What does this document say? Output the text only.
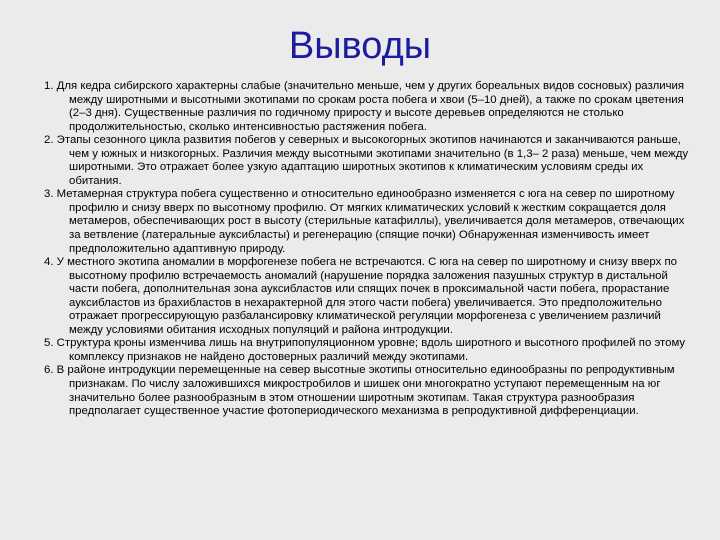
Выводы
1. Для кедра сибирского характерны слабые (значительно меньше, чем у других бореальных видов сосновых) различия между широтными и высотными экотипами по срокам роста побега и хвои (5–10 дней), а также по срокам цветения (2–3 дня). Существенные различия по годичному приросту и высоте деревьев определяются не столько продолжительностью, сколько интенсивностью растяжения побега.
2. Этапы сезонного цикла развития побегов у северных и высокогорных экотипов начинаются и заканчиваются раньше, чем у южных и низкогорных. Различия между высотными экотипами значительно (в 1,3– 2 раза) меньше, чем между широтными. Это отражает более узкую адаптацию широтных экотипов к климатическим условиям среды их обитания.
3. Метамерная структура побега существенно и относительно единообразно изменяется с юга на север по широтному профилю и снизу вверх по высотному профилю. От мягких климатических условий к жестким сокращается доля метамеров, обеспечивающих рост в высоту (стерильные катафиллы), увеличивается доля метамеров, отвечающих за ветвление (латеральные ауксибласты) и регенерацию (спящие почки) Обнаруженная изменчивость имеет предположительно адаптивную природу.
4. У местного экотипа аномалии в морфогенезе побега не встречаются. С юга на север по широтному и снизу вверх по высотному профилю встречаемость аномалий (нарушение порядка заложения пазушных структур в дистальной части побега, дополнительная зона ауксибластов или спящих почек в проксимальной части побега, прорастание ауксибластов из брахибластов в нехарактерной для этого части побега) увеличивается. Это предположительно отражает прогрессирующую разбалансировку климатической регуляции морфогенеза с увеличением различий между условиями обитания исходных популяций и района интродукции.
5. Структура кроны изменчива лишь на внутрипопуляционном уровне; вдоль широтного и высотного профилей по этому комплексу признаков не найдено достоверных различий между экотипами.
6. В районе интродукции перемещенные на север высотные экотипы относительно единообразны по репродуктивным признакам. По числу заложившихся микростробилов и шишек они многократно уступают перемещенным на юг значительно более разнообразным в этом отношении широтным экотипам. Такая структура разнообразия предполагает существенное участие фотопериодического механизма в репродуктивной дифференциации.
